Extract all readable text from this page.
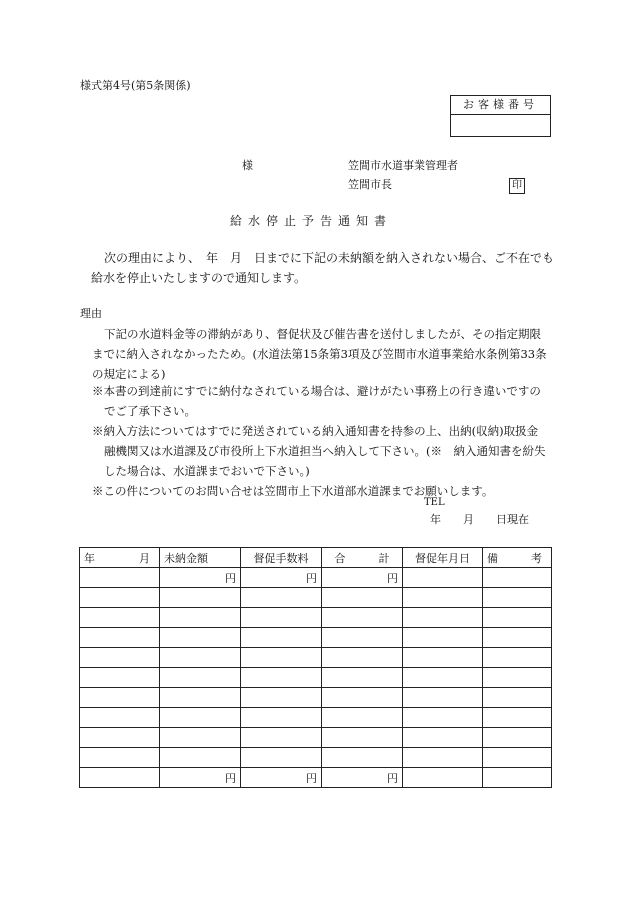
様式第4号(第5条関係)
お客様番号
様	笠間市水道事業管理者
笠間市長	印
給水停止予告通知書
次の理由により、　年　月　日までに下記の未納額を納入されない場合、ご不在でも
給水を停止いたしますので通知します。
理由
下記の水道料金等の滞納があり、督促状及び催告書を送付しましたが、その指定期限
までに納入されなかったため。(水道法第15条第3項及び笠間市水道事業給水条例第33条
の規定による)
※本書の到達前にすでに納付なされている場合は、避けがたい事務上の行き違いですの
でご了承下さい。
※納入方法についてはすでに発送されている納入通知書を持参の上、出納(収納)取扱金
融機関又は水道課及び市役所上下水道担当へ納入して下さい。(※　納入通知書を紛失
した場合は、水道課までおいで下さい。)
※この件についてのお問い合せは笠間市上下水道部水道課までお願いします。
TEL
年　　月　　日現在
年　　　　月	未納金額	督促手数料	合　　　計	督促年月日	備　　　考
	円	円	円		

	円	円	円		
